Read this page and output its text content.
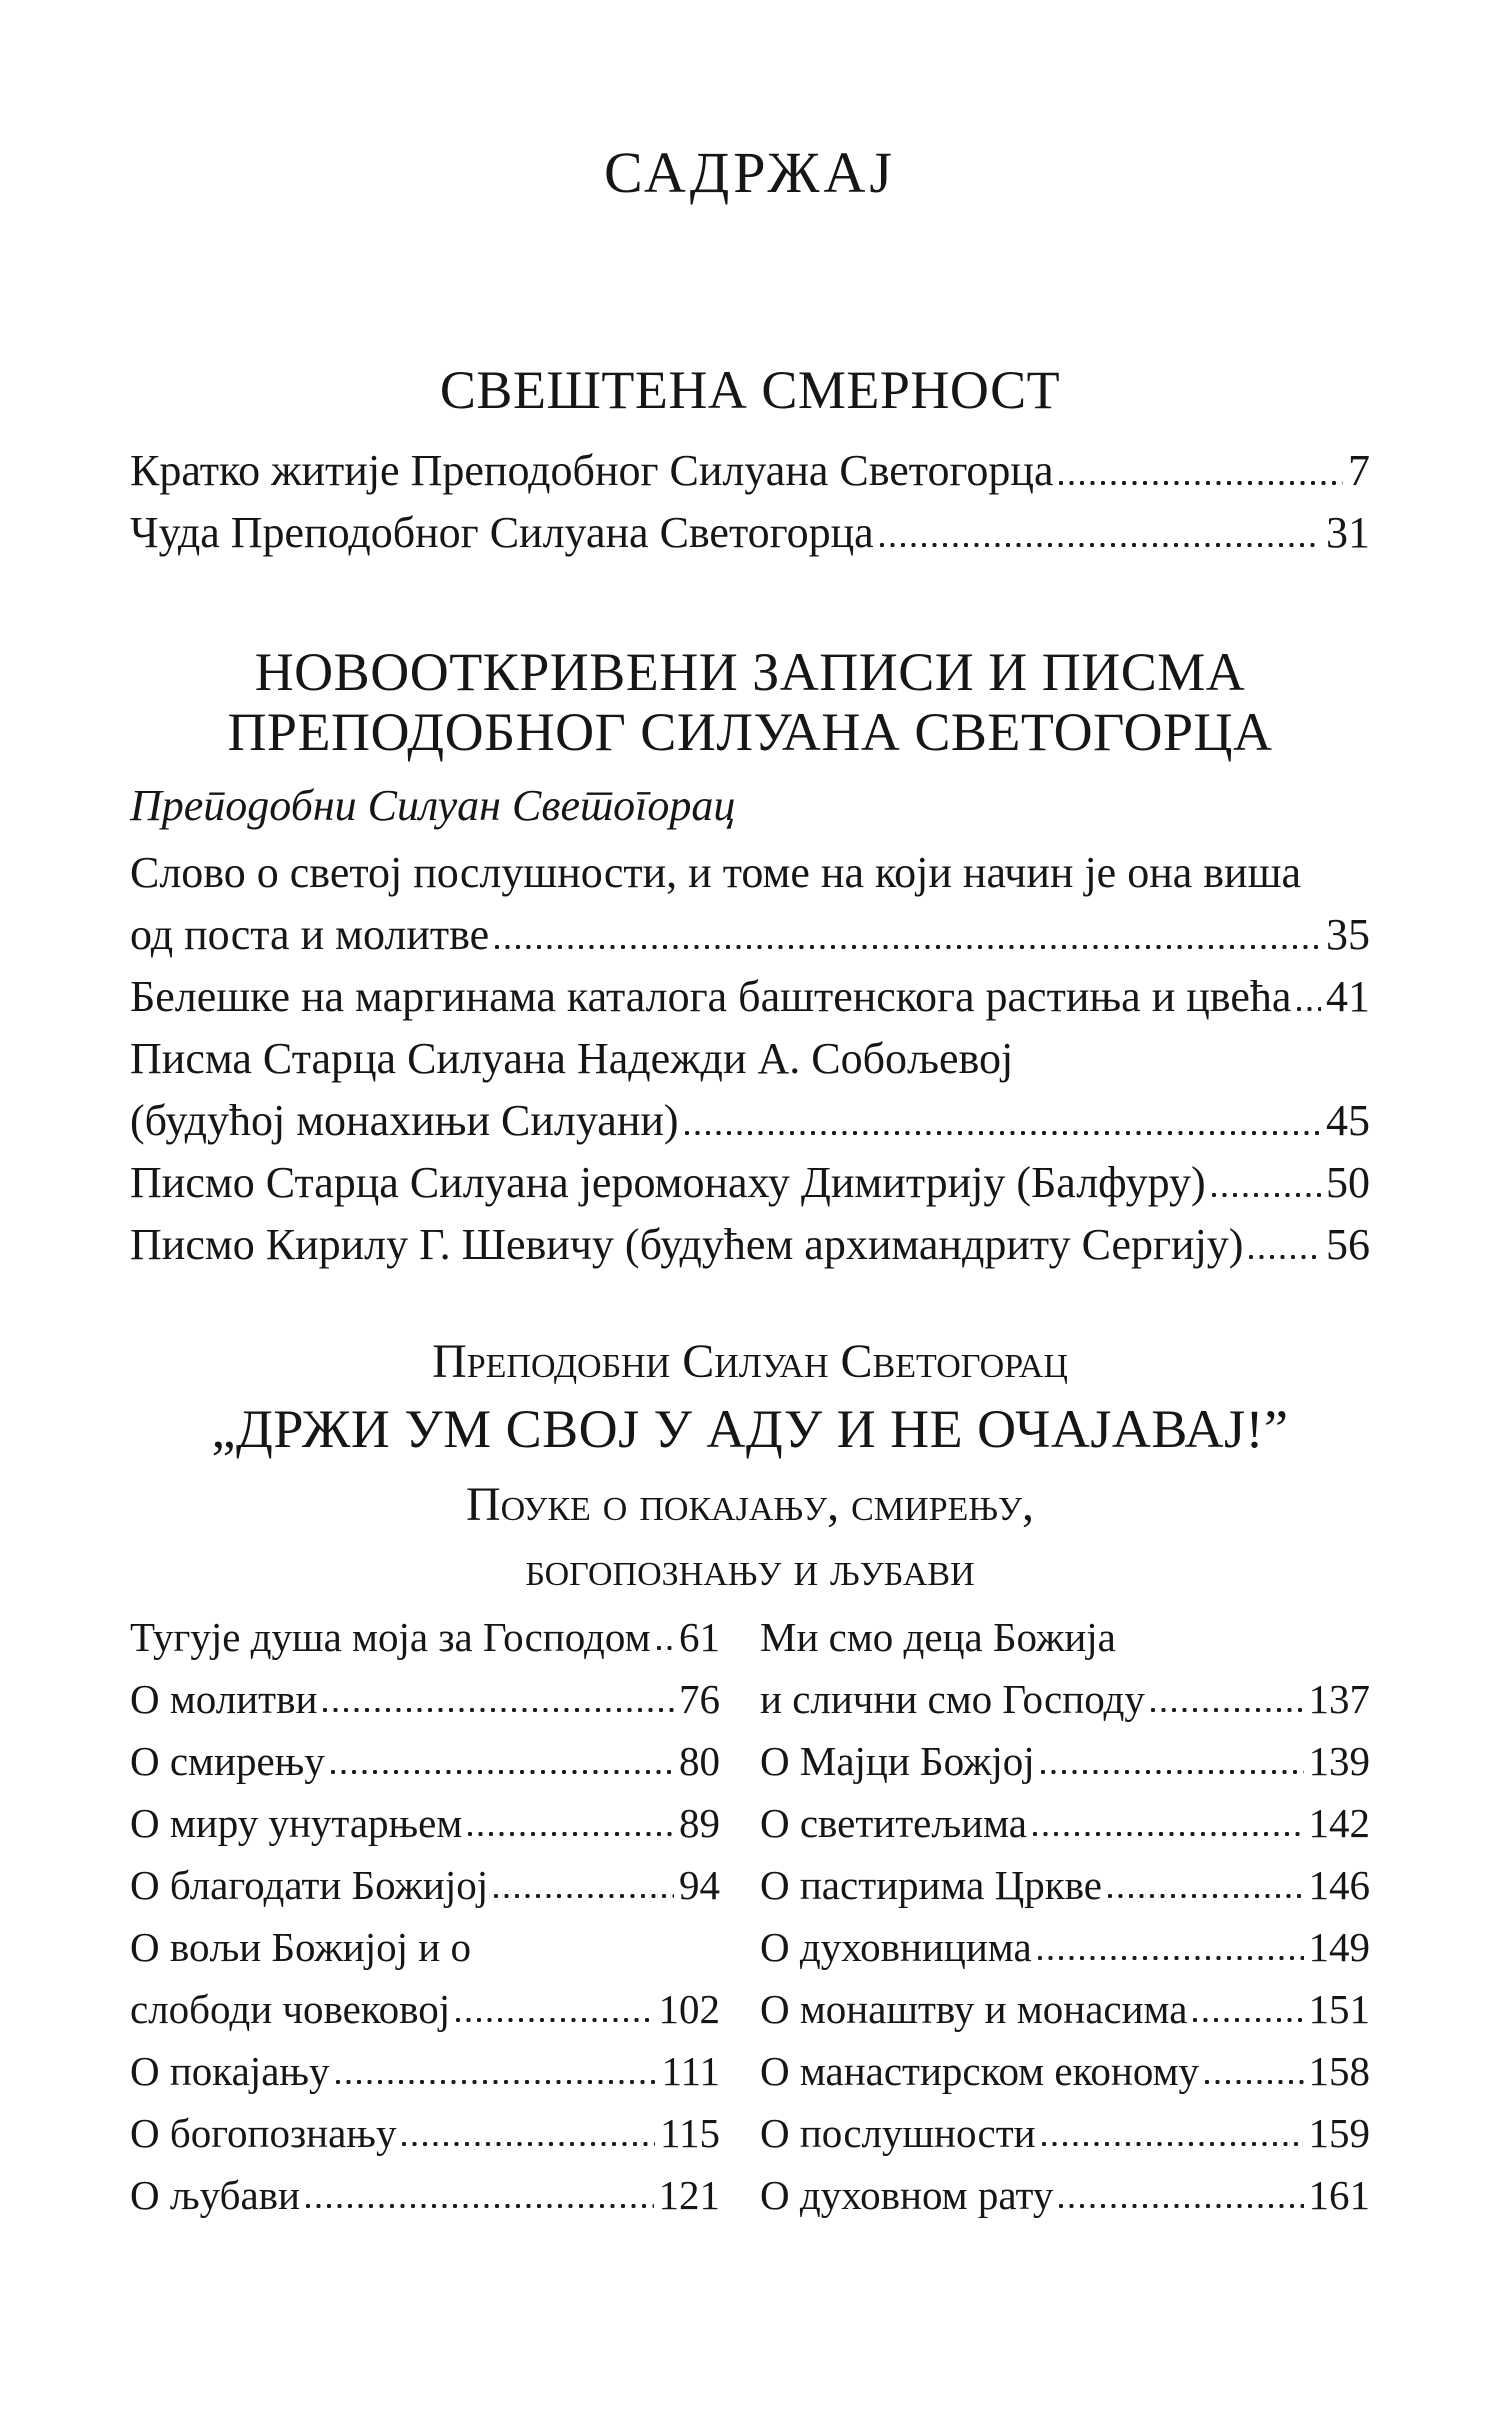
САДРЖАЈ
СВЕШТЕНА СМЕРНОСТ
Кратко житије Преподобног Силуана Светогорца	7
Чуда Преподобног Силуана Светогорца	31
НОВООТКРИВЕНИ ЗАПИСИ И ПИСМА
ПРЕПОДОБНОГ СИЛУАНА СВЕТОГОРЦА

Преподобни Силуан Светогорац

Слово о светој послушности, и томе на који начин је она виша
од поста и молитве	35
Белешке на маргинама каталога баштенскога растиња и цвећа 41
Писма Старца Силуана Надежди А. Собољевој
(будућој монахињи Силуани)	45
Писмо Старца Силуана јеромонаху Димитрију (Балфуру)	50
Писмо Кирилу Г. Шевичу (будућем архимандриту Сергију) 56
Преподобни Силуан Светогорац
„ДРЖИ УМ СВОЈ У АДУ И НЕ ОЧАЈАВАЈ!”
Поуке о покајању, смирењу,
богопознању и љубави
Тугује душа моја за Господом 61
О молитви	76
О смирењу	80
О миру унутарњем	89
О благодати Божијој	94
О вољи Божијој и о
слободи човековој	102
О покајању	111
О богопознању	115
О љубави	121
Ми смо деца Божија
и слични смо Господу	137
О Мајци Божјој	139
О светитељима	142
О пастирима Цркве	146
О духовницима	149
О монаштву и монасима	151
О манастирском економу	158
О послушности	159
О духовном рату	161
